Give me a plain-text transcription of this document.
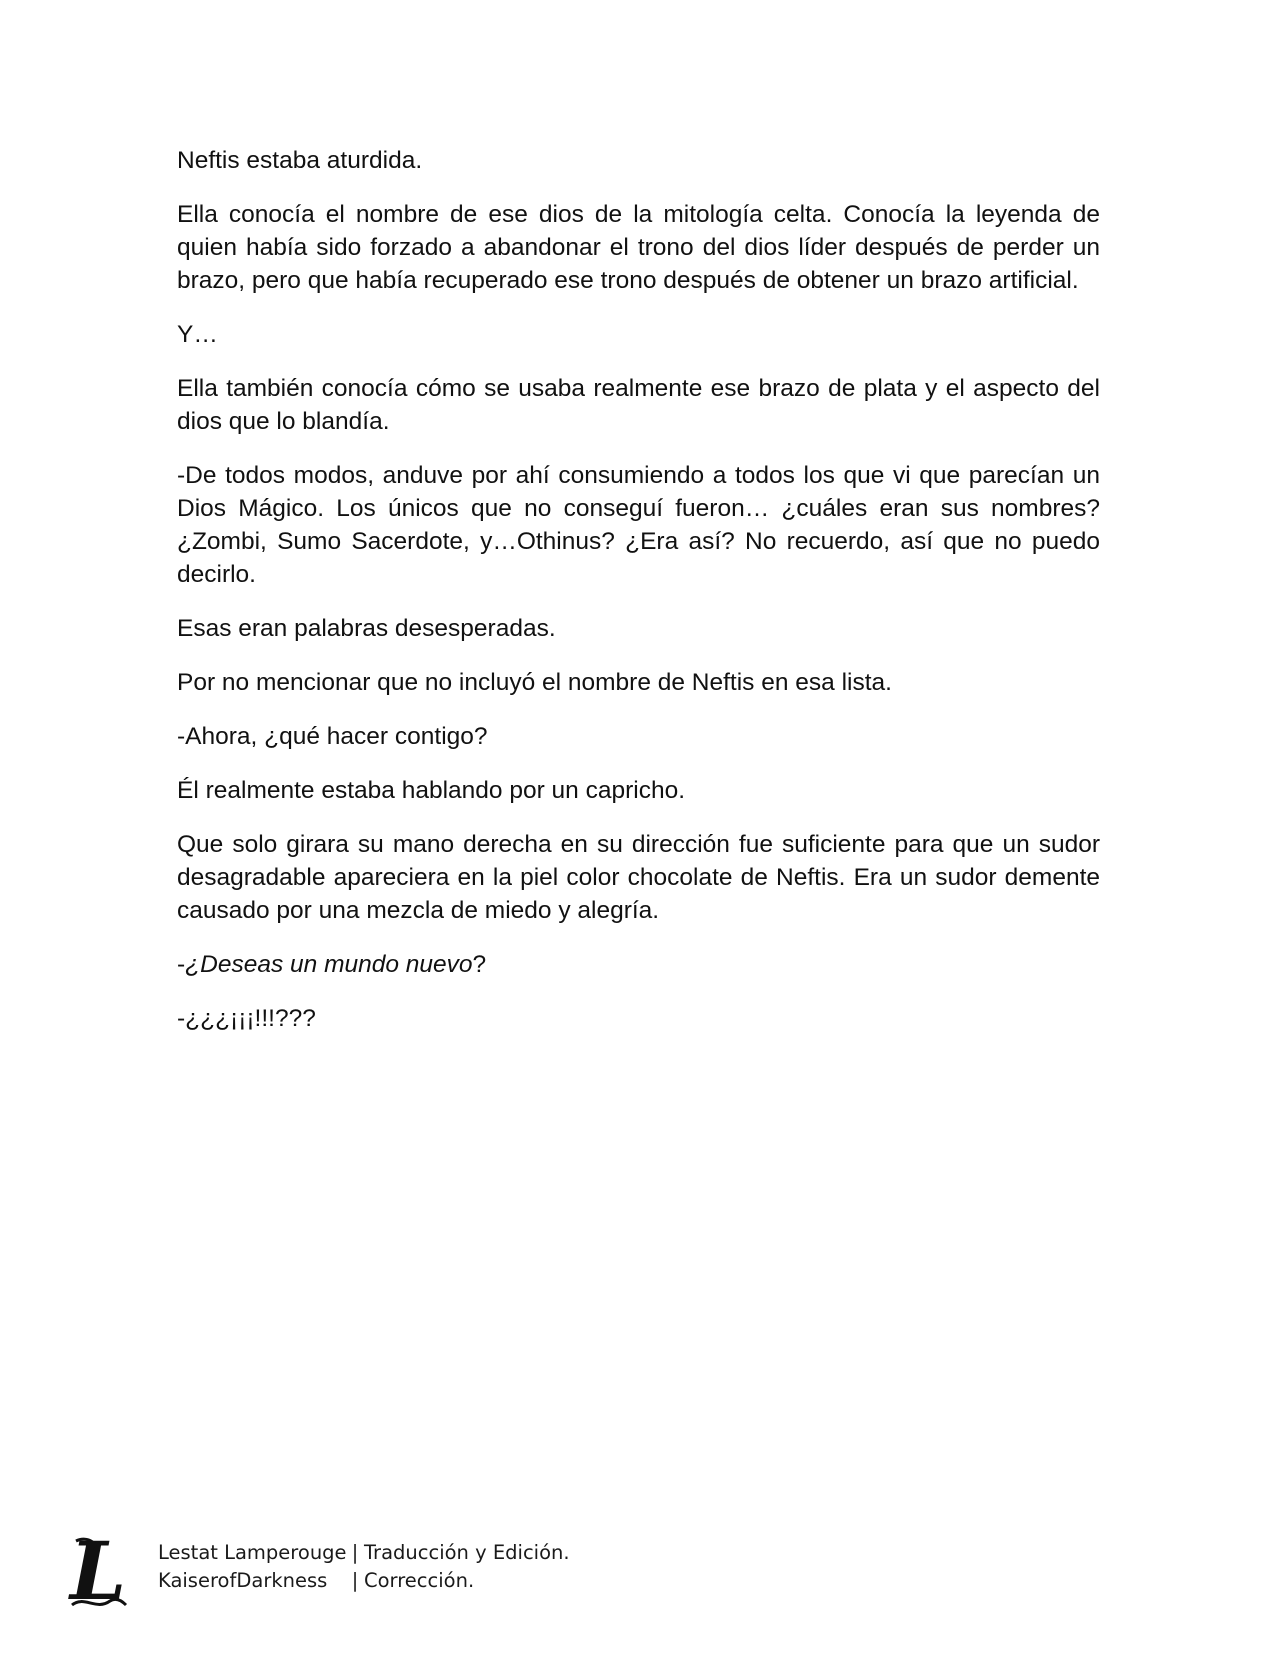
Neftis estaba aturdida.

Ella conocía el nombre de ese dios de la mitología celta. Conocía la leyenda de quien había sido forzado a abandonar el trono del dios líder después de perder un brazo, pero que había recuperado ese trono después de obtener un brazo artificial.

Y…

Ella también conocía cómo se usaba realmente ese brazo de plata y el aspecto del dios que lo blandía.

-De todos modos, anduve por ahí consumiendo a todos los que vi que parecían un Dios Mágico. Los únicos que no conseguí fueron… ¿cuáles eran sus nombres? ¿Zombi, Sumo Sacerdote, y…Othinus? ¿Era así? No recuerdo, así que no puedo decirlo.

Esas eran palabras desesperadas.

Por no mencionar que no incluyó el nombre de Neftis en esa lista.

-Ahora, ¿qué hacer contigo?

Él realmente estaba hablando por un capricho.

Que solo girara su mano derecha en su dirección fue suficiente para que un sudor desagradable apareciera en la piel color chocolate de Neftis. Era un sudor demente causado por una mezcla de miedo y alegría.

-¿Deseas un mundo nuevo?

-¿¿¿¡¡¡!!!???

L Lestat Lamperouge | Traducción y Edición.
KaiserofDarkness	| Corrección.
